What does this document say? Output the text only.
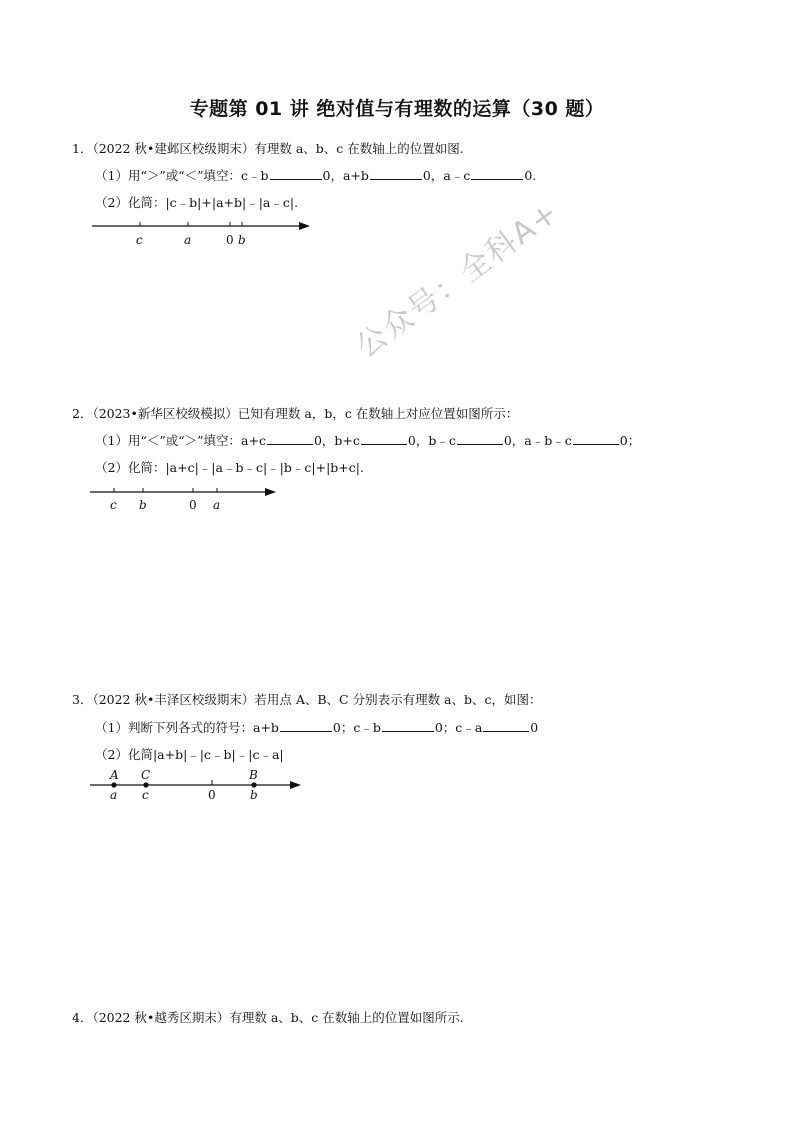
专题第 01 讲 绝对值与有理数的运算（30 题）
公众号：全科A+
1．（2022 秋•建邺区校级期末）有理数 a、b、c 在数轴上的位置如图.
（1）用“＞”或“＜”填空：c﹣b	0，a+b	0，a﹣c	0.
（2）化简：|c﹣b|+|a+b|﹣|a﹣c|.
c	a	0 b
2．（2023•新华区校级模拟）已知有理数 a，b，c 在数轴上对应位置如图所示：
（1）用“＜”或“＞”填空：a+c	0，b+c	0，b﹣c	0，a﹣b﹣c	0；
（2）化简：|a+c|﹣|a﹣b﹣c|﹣|b﹣c|+|b+c|.
c b	0 a
3．（2022 秋•丰泽区校级期末）若用点 A、B、C 分别表示有理数 a、b、c，如图：
（1）判断下列各式的符号：a+b	0；c﹣b	0；c﹣a	0
（2）化简|a+b|﹣|c﹣b|﹣|c﹣a|
A C	B
a c	0	b
4．（2022 秋•越秀区期末）有理数 a、b、c 在数轴上的位置如图所示.
